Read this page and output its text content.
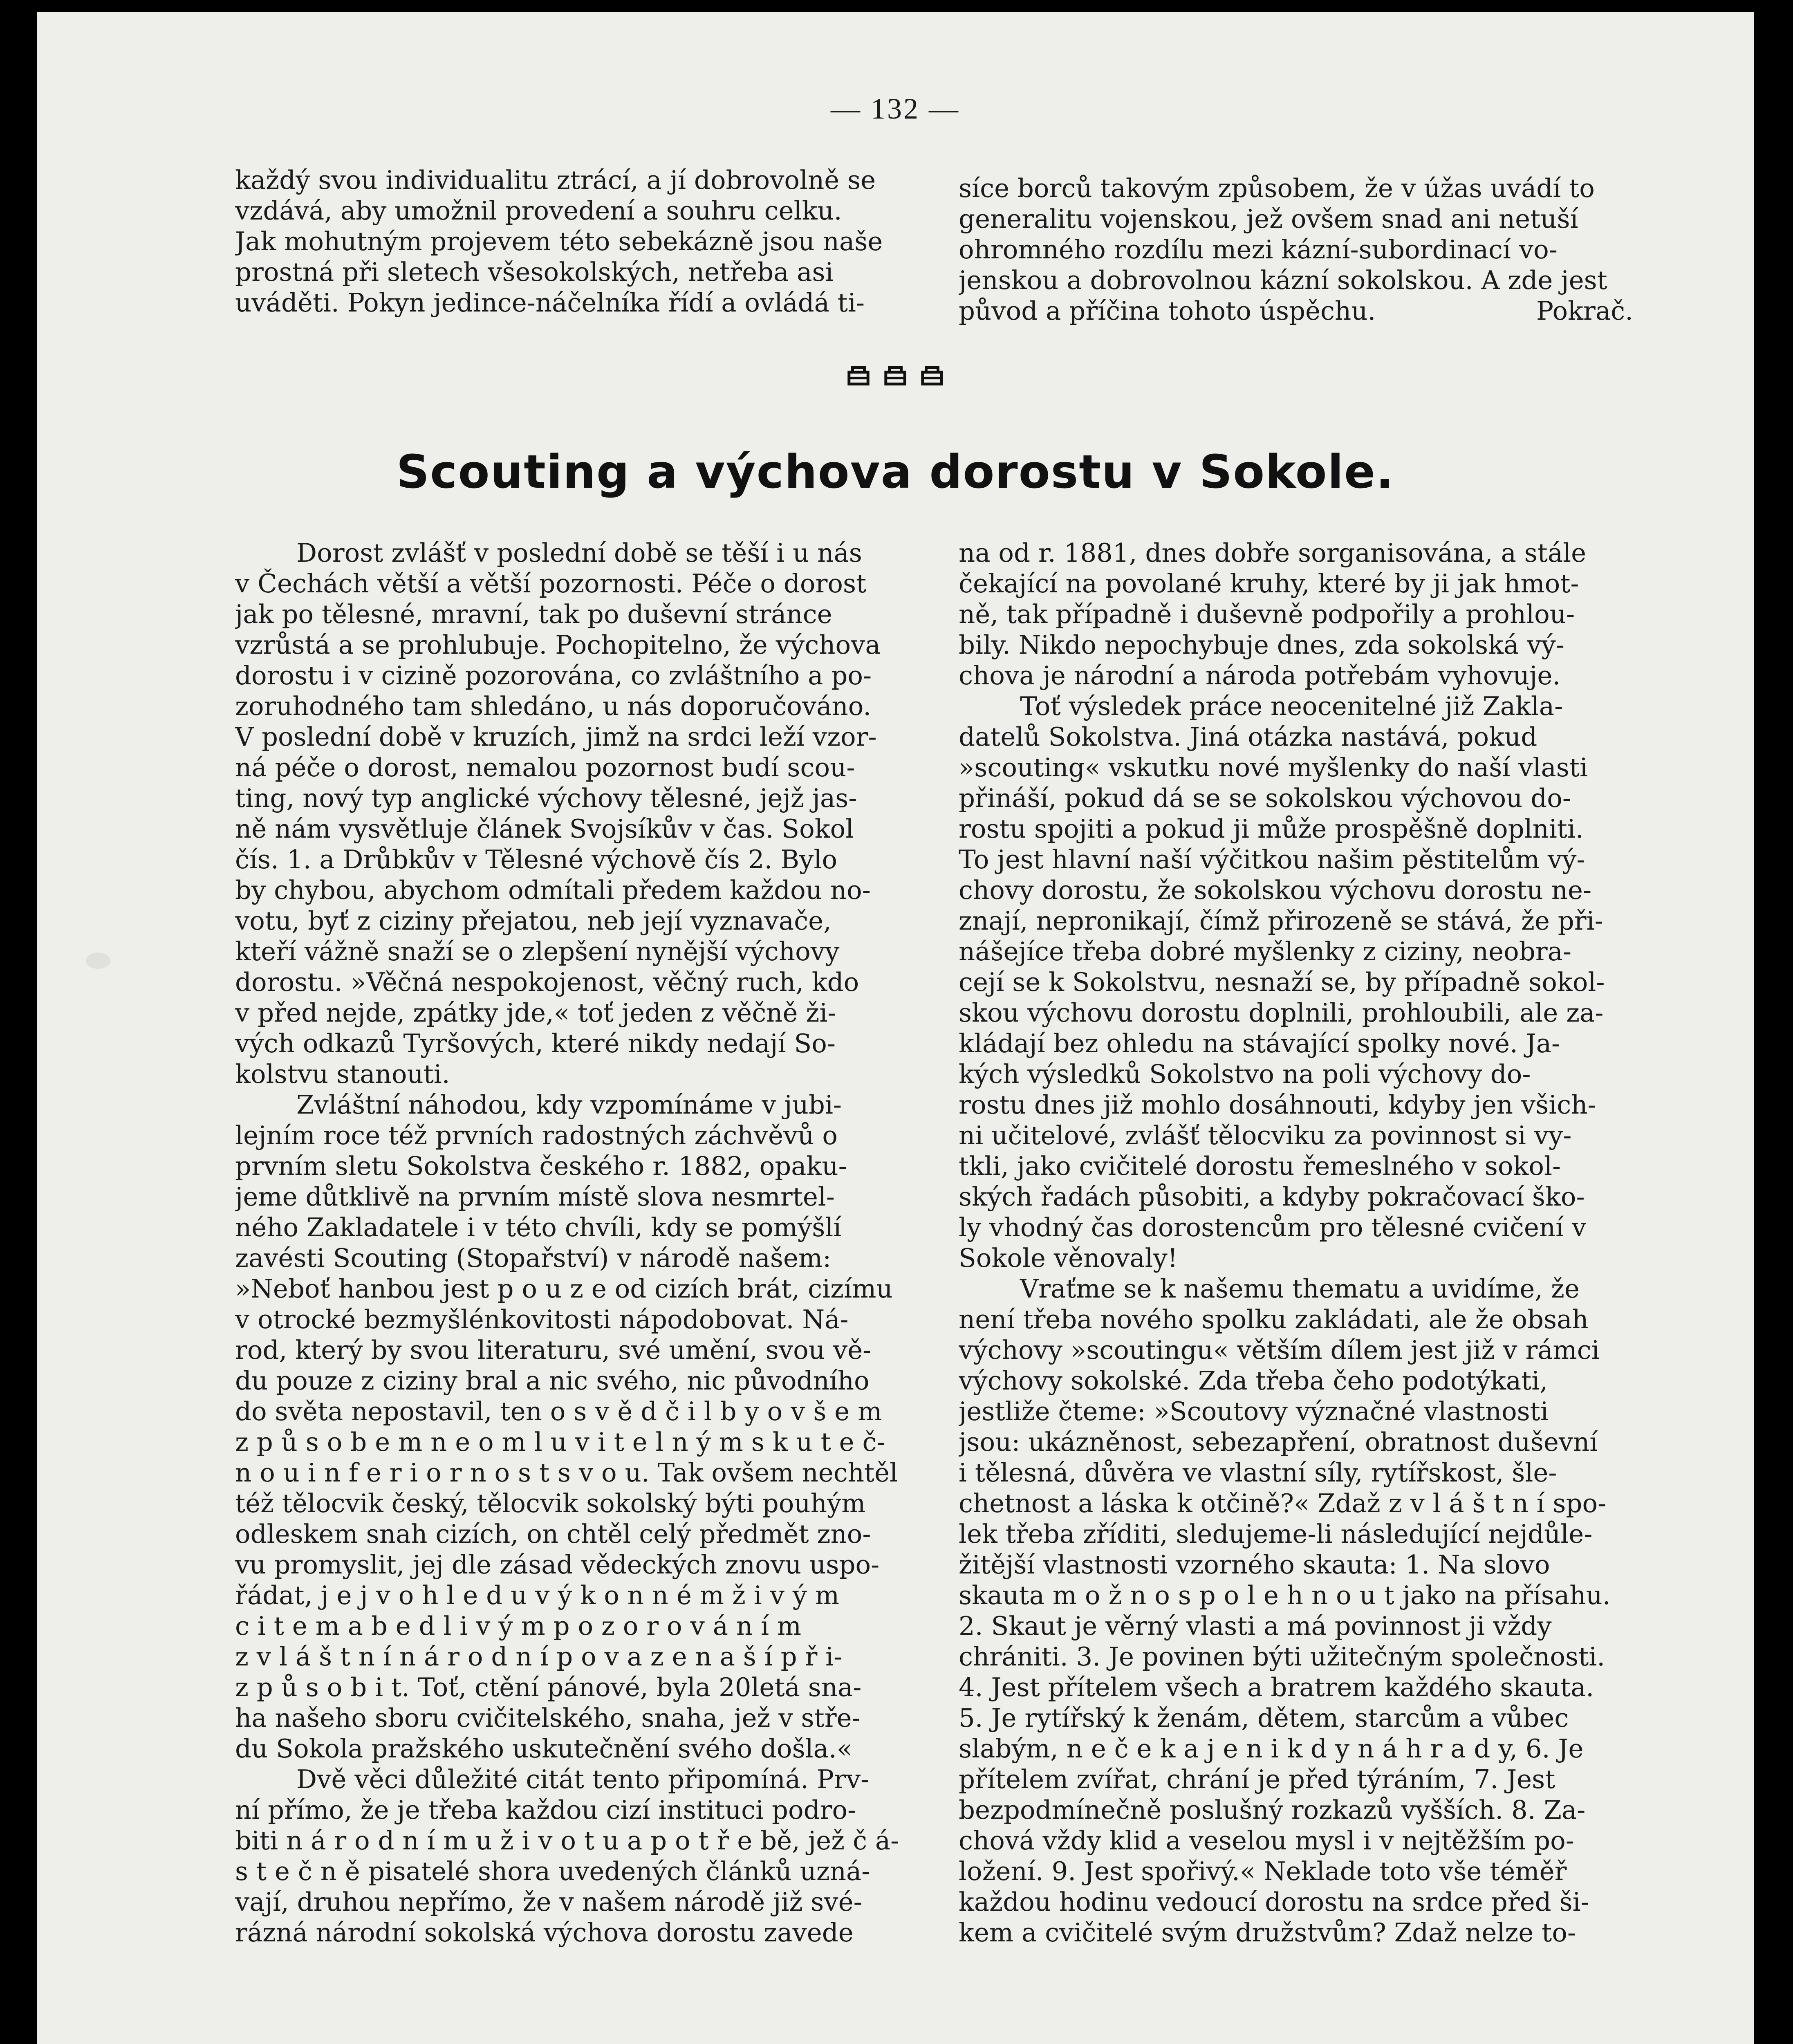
— 132 —

každý svou individualitu ztrácí, a jí dobrovolně se

vzdává, aby umožnil provedení a souhru celku.

Jak mohutným projevem této sebekázně jsou naše

prostná při sletech všesokolských, netřeba asi

uváděti. Pokyn jedince-náčelníka řídí a ovládá ti-

síce borců takovým způsobem, že v úžas uvádí to

generalitu vojenskou, jež ovšem snad ani netuší

ohromného rozdílu mezi kázní-subordinací vo-

jenskou a dobrovolnou kázní sokolskou. A zde jest

původ a příčina tohoto úspěchu.	Pokrač.

Scouting a výchova dorostu v Sokole.

Dorost zvlášť v poslední době se těší i u nás

v Čechách větší a větší pozornosti. Péče o dorost

jak po tělesné, mravní, tak po duševní stránce

vzrůstá a se prohlubuje. Pochopitelno, že výchova

dorostu i v cizině pozorována, co zvláštního a po-

zoruhodného tam shledáno, u nás doporučováno.

V poslední době v kruzích, jimž na srdci leží vzor-

ná péče o dorost, nemalou pozornost budí scou-

ting, nový typ anglické výchovy tělesné, jejž jas-

ně nám vysvětluje článek Svojsíkův v čas. Sokol

čís. 1. a Drůbkův v Tělesné výchově čís 2. Bylo

by chybou, abychom odmítali předem každou no-

votu, byť z ciziny přejatou, neb její vyznavače,

kteří vážně snaží se o zlepšení nynější výchovy

dorostu. »Věčná nespokojenost, věčný ruch, kdo

v před nejde, zpátky jde,« toť jeden z věčně ži-

vých odkazů Tyršových, které nikdy nedají So-

kolstvu stanouti.

Zvláštní náhodou, kdy vzpomínáme v jubi-

lejním roce též prvních radostných záchvěvů o

prvním sletu Sokolstva českého r. 1882, opaku-

jeme důtklivě na prvním místě slova nesmrtel-

ného Zakladatele i v této chvíli, kdy se pomýšlí

zavésti Scouting (Stopařství) v národě našem:

»Neboť hanbou jest p o u z e od cizích brát, cizímu

v otrocké bezmyšlénkovitosti nápodobovat. Ná-

rod, který by svou literaturu, své umění, svou vě-

du pouze z ciziny bral a nic svého, nic původního

do světa nepostavil, ten o s v ě d č i l b y o v š e m

z p ů s o b e m n e o m l u v i t e l n ý m s k u t e č-

n o u i n f e r i o r n o s t s v o u. Tak ovšem nechtěl

též tělocvik český, tělocvik sokolský býti pouhým

odleskem snah cizích, on chtěl celý předmět zno-

vu promyslit, jej dle zásad vědeckých znovu uspo-

řádat, j e j v o h l e d u v ý k o n n é m ž i v ý m

c i t e m a b e d l i v ý m p o z o r o v á n í m

z v l á š t n í n á r o d n í p o v a z e n a š í p ř i-

z p ů s o b i t. Toť, ctění pánové, byla 20letá sna-

ha našeho sboru cvičitelského, snaha, jež v stře-

du Sokola pražského uskutečnění svého došla.«

Dvě věci důležité citát tento připomíná. Prv-

ní přímo, že je třeba každou cizí instituci podro-

biti n á r o d n í m u ž i v o t u a p o t ř e bě, jež č á-

s t e č n ě pisatelé shora uvedených článků uzná-

vají, druhou nepřímo, že v našem národě již své-

rázná národní sokolská výchova dorostu zavede

na od r. 1881, dnes dobře sorganisována, a stále

čekající na povolané kruhy, které by ji jak hmot-

ně, tak případně i duševně podpořily a prohlou-

bily. Nikdo nepochybuje dnes, zda sokolská vý-

chova je národní a národa potřebám vyhovuje.

Toť výsledek práce neocenitelné již Zakla-

datelů Sokolstva. Jiná otázka nastává, pokud

»scouting« vskutku nové myšlenky do naší vlasti

přináší, pokud dá se se sokolskou výchovou do-

rostu spojiti a pokud ji může prospěšně doplniti.

To jest hlavní naší výčitkou našim pěstitelům vý-

chovy dorostu, že sokolskou výchovu dorostu ne-

znají, nepronikají, čímž přirozeně se stává, že při-

nášejíce třeba dobré myšlenky z ciziny, neobra-

cejí se k Sokolstvu, nesnaží se, by případně sokol-

skou výchovu dorostu doplnili, prohloubili, ale za-

kládají bez ohledu na stávající spolky nové. Ja-

kých výsledků Sokolstvo na poli výchovy do-

rostu dnes již mohlo dosáhnouti, kdyby jen všich-

ni učitelové, zvlášť tělocviku za povinnost si vy-

tkli, jako cvičitelé dorostu řemeslného v sokol-

ských řadách působiti, a kdyby pokračovací ško-

ly vhodný čas dorostencům pro tělesné cvičení v

Sokole věnovaly!

Vraťme se k našemu thematu a uvidíme, že

není třeba nového spolku zakládati, ale že obsah

výchovy »scoutingu« větším dílem jest již v rámci

výchovy sokolské. Zda třeba čeho podotýkati,

jestliže čteme: »Scoutovy význačné vlastnosti

jsou: ukázněnost, sebezapření, obratnost duševní

i tělesná, důvěra ve vlastní síly, rytířskost, šle-

chetnost a láska k otčině?« Zdaž z v l á š t n í spo-

lek třeba zříditi, sledujeme-li následující nejdůle-

žitější vlastnosti vzorného skauta: 1. Na slovo

skauta m o ž n o s p o l e h n o u t jako na přísahu.

2. Skaut je věrný vlasti a má povinnost ji vždy

chrániti. 3. Je povinen býti užitečným společnosti.

4. Jest přítelem všech a bratrem každého skauta.

5. Je rytířský k ženám, dětem, starcům a vůbec

slabým, n e č e k a j e n i k d y n á h r a d y, 6. Je

přítelem zvířat, chrání je před týráním, 7. Jest

bezpodmínečně poslušný rozkazů vyšších. 8. Za-

chová vždy klid a veselou mysl i v nejtěžším po-

ložení. 9. Jest spořivý.« Neklade toto vše téměř

každou hodinu vedoucí dorostu na srdce před ši-

kem a cvičitelé svým družstvům? Zdaž nelze to-
